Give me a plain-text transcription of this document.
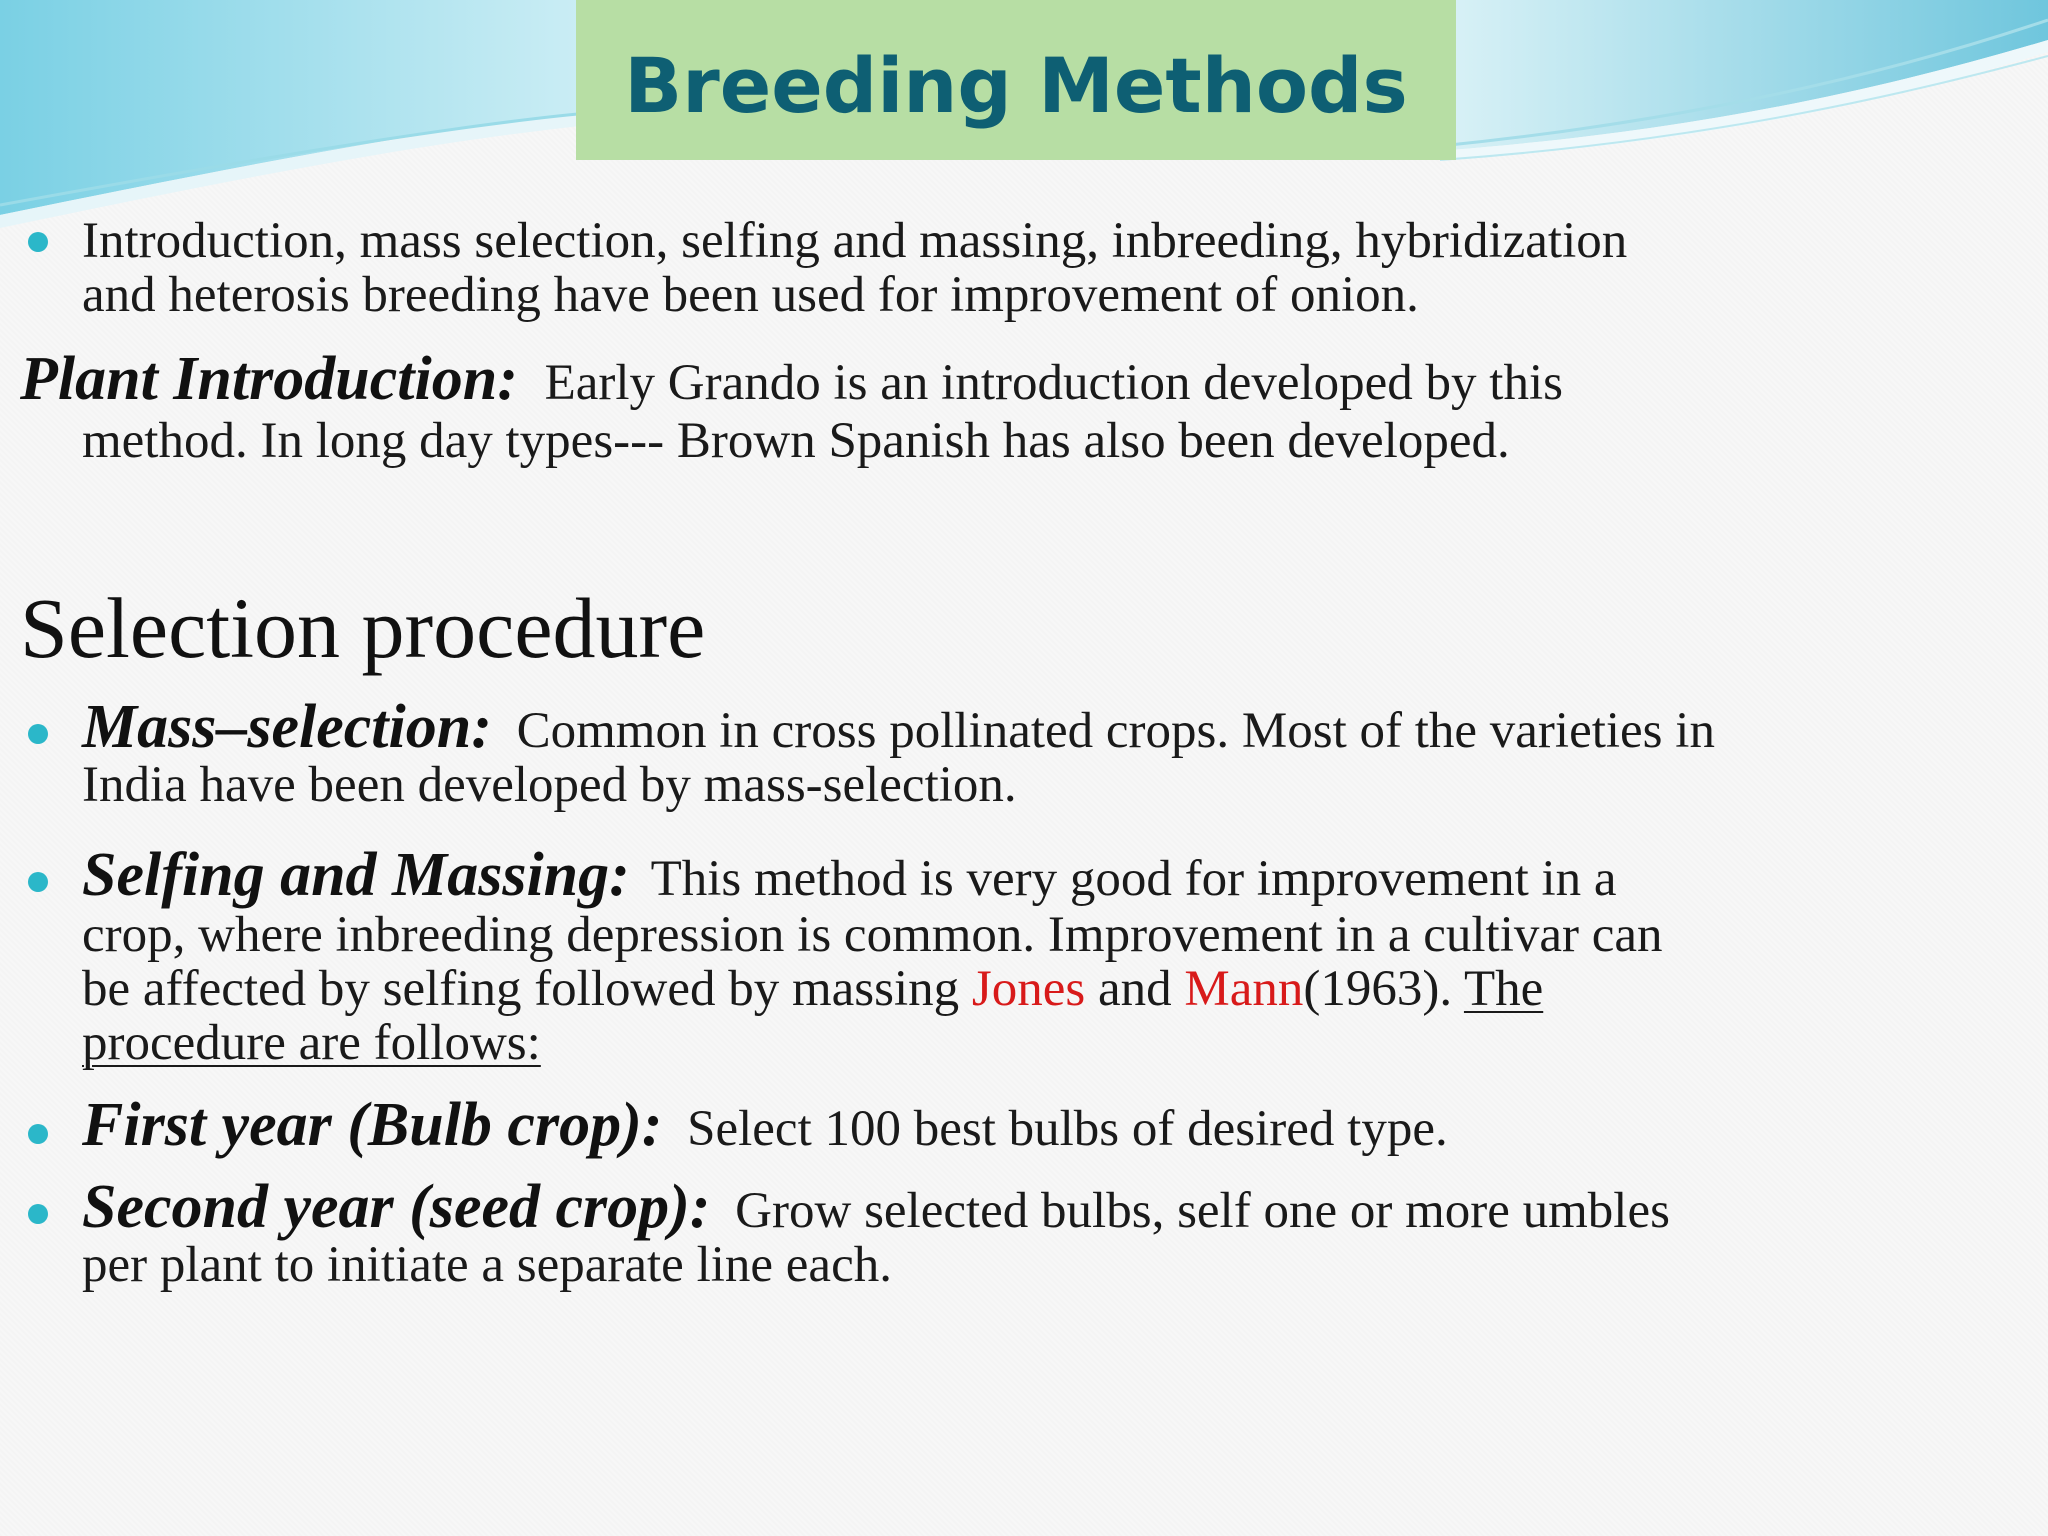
Breeding Methods
Introduction, mass selection, selfing and massing, inbreeding, hybridization
and heterosis breeding have been used for improvement of onion.
Plant Introduction: Early Grando is an introduction developed by this
method. In long day types--- Brown Spanish has also been developed.
Selection procedure
Mass–selection: Common in cross pollinated crops. Most of the varieties in
India have been developed by mass-selection.
Selfing and Massing: This method is very good for improvement in a
crop, where inbreeding depression is common. Improvement in a cultivar can
be affected by selfing followed by massing Jones and Mann(1963). The
procedure are follows:
First year (Bulb crop): Select 100 best bulbs of desired type.
Second year (seed crop): Grow selected bulbs, self one or more umbles
per plant to initiate a separate line each.
